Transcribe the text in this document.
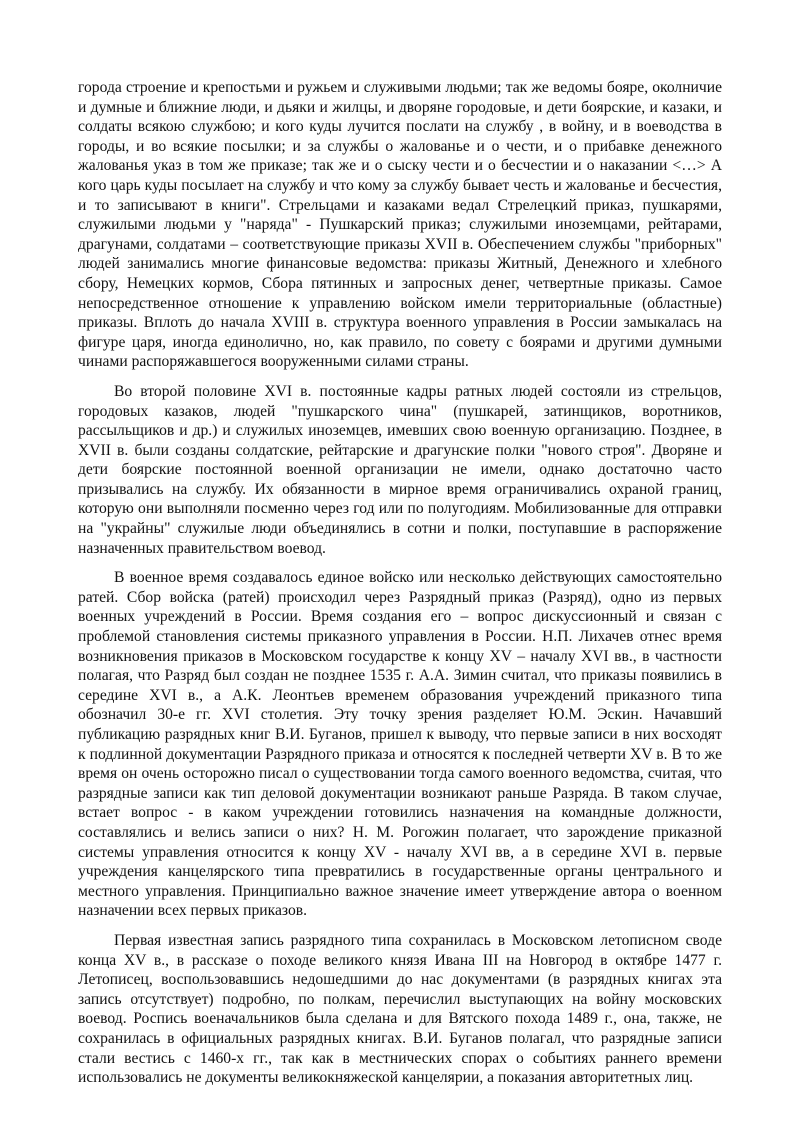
города строение и крепостьми и ружьем и служивыми людьми; так же ведомы бояре, околничие и думные и ближние люди, и дьяки и жилцы, и дворяне городовые, и дети боярские, и казаки, и солдаты всякою службою; и кого куды лучится послати на службу , в войну, и в воеводства в городы, и во всякие посылки; и за службы о жалованье и о чести, и о прибавке денежного жалованья указ в том же приказе; так же и о сыску чести и о бесчестии и о наказании <…> А кого царь куды посылает на службу и что кому за службу бывает честь и жалованье и бесчестия, и то записывают в книги". Стрельцами и казаками ведал Стрелецкий приказ, пушкарями, служилыми людьми у "наряда" - Пушкарский приказ; служилыми иноземцами, рейтарами, драгунами, солдатами – соответствующие приказы XVII в. Обеспечением службы "приборных" людей занимались многие финансовые ведомства: приказы Житный, Денежного и хлебного сбору, Немецких кормов, Сбора пятинных и запросных денег, четвертные приказы. Самое непосредственное отношение к управлению войском имели территориальные (областные) приказы. Вплоть до начала XVIII в. структура военного управления в России замыкалась на фигуре царя, иногда единолично, но, как правило, по совету с боярами и другими думными чинами распоряжавшегося вооруженными силами страны.

Во второй половине XVI в. постоянные кадры ратных людей состояли из стрельцов, городовых казаков, людей "пушкарского чина" (пушкарей, затинщиков, воротников, рассыльщиков и др.) и служилых иноземцев, имевших свою военную организацию. Позднее, в XVII в. были созданы солдатские, рейтарские и драгунские полки "нового строя". Дворяне и дети боярские постоянной военной организации не имели, однако достаточно часто призывались на службу. Их обязанности в мирное время ограничивались охраной границ, которую они выполняли посменно через год или по полугодиям. Мобилизованные для отправки на "украйны" служилые люди объединялись в сотни и полки, поступавшие в распоряжение назначенных правительством воевод.

В военное время создавалось единое войско или несколько действующих самостоятельно ратей. Сбор войска (ратей) происходил через Разрядный приказ (Разряд), одно из первых военных учреждений в России. Время создания его – вопрос дискуссионный и связан с проблемой становления системы приказного управления в России. Н.П. Лихачев отнес время возникновения приказов в Московском государстве к концу XV – началу XVI вв., в частности полагая, что Разряд был создан не позднее 1535 г. А.А. Зимин считал, что приказы появились в середине XVI в., а А.К. Леонтьев временем образования учреждений приказного типа обозначил 30-е гг. XVI столетия. Эту точку зрения разделяет Ю.М. Эскин. Начавший публикацию разрядных книг В.И. Буганов, пришел к выводу, что первые записи в них восходят к подлинной документации Разрядного приказа и относятся к последней четверти XV в. В то же время он очень осторожно писал о существовании тогда самого военного ведомства, считая, что разрядные записи как тип деловой документации возникают раньше Разряда. В таком случае, встает вопрос - в каком учреждении готовились назначения на командные должности, составлялись и велись записи о них? Н. М. Рогожин полагает, что зарождение приказной системы управления относится к концу XV - началу XVI вв, а в середине XVI в. первые учреждения канцелярского типа превратились в государственные органы центрального и местного управления. Принципиально важное значение имеет утверждение автора о военном назначении всех первых приказов.

Первая известная запись разрядного типа сохранилась в Московском летописном своде конца XV в., в рассказе о походе великого князя Ивана III на Новгород в октябре 1477 г. Летописец, воспользовавшись недошедшими до нас документами (в разрядных книгах эта запись отсутствует) подробно, по полкам, перечислил выступающих на войну московских воевод. Роспись военачальников была сделана и для Вятского похода 1489 г., она, также, не сохранилась в официальных разрядных книгах. В.И. Буганов полагал, что разрядные записи стали вестись с 1460-х гг., так как в местнических спорах о событиях раннего времени использовались не документы великокняжеской канцелярии, а показания авторитетных лиц.
